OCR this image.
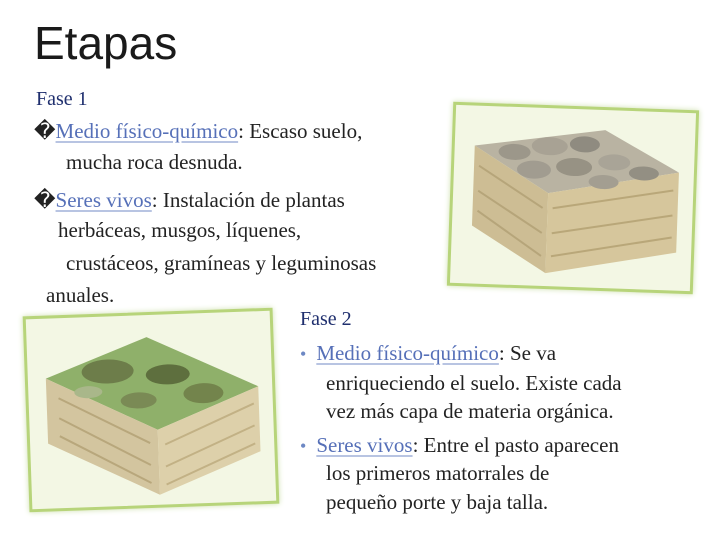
Etapas
Fase 1
�Medio físico-químico: Escaso suelo,
mucha roca desnuda.
�Seres vivos: Instalación de plantas
herbáceas, musgos, líquenes,
crustáceos, gramíneas y leguminosas
anuales.
Fase 2
• Medio físico-químico: Se va
enriqueciendo el suelo. Existe cada
vez más capa de materia orgánica.
• Seres vivos: Entre el pasto aparecen
los primeros matorrales de
pequeño porte y baja talla.
